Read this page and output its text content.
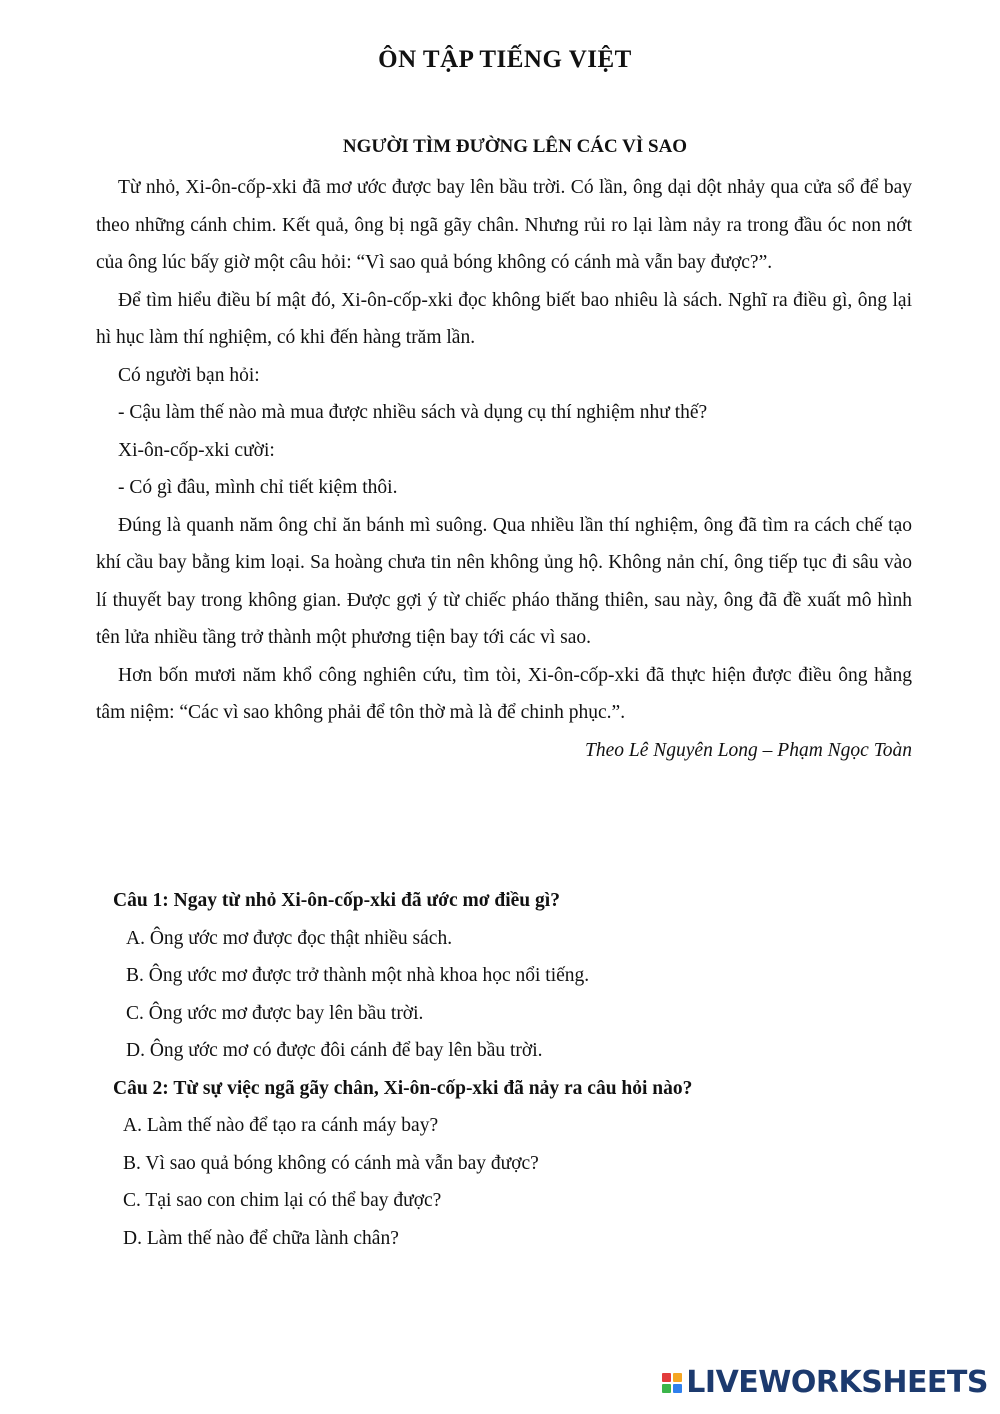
ÔN TẬP TIẾNG VIỆT
NGƯỜI TÌM ĐƯỜNG LÊN CÁC VÌ SAO

Từ nhỏ, Xi-ôn-cốp-xki đã mơ ước được bay lên bầu trời. Có lần, ông dại dột nhảy qua cửa sổ để bay theo những cánh chim. Kết quả, ông bị ngã gãy chân. Nhưng rủi ro lại làm nảy ra trong đầu óc non nớt của ông lúc bấy giờ một câu hỏi: “Vì sao quả bóng không có cánh mà vẫn bay được?”.

Để tìm hiểu điều bí mật đó, Xi-ôn-cốp-xki đọc không biết bao nhiêu là sách. Nghĩ ra điều gì, ông lại hì hục làm thí nghiệm, có khi đến hàng trăm lần.

Có người bạn hỏi:

- Cậu làm thế nào mà mua được nhiều sách và dụng cụ thí nghiệm như thế?

Xi-ôn-cốp-xki cười:

- Có gì đâu, mình chỉ tiết kiệm thôi.

Đúng là quanh năm ông chỉ ăn bánh mì suông. Qua nhiều lần thí nghiệm, ông đã tìm ra cách chế tạo khí cầu bay bằng kim loại. Sa hoàng chưa tin nên không ủng hộ. Không nản chí, ông tiếp tục đi sâu vào lí thuyết bay trong không gian. Được gợi ý từ chiếc pháo thăng thiên, sau này, ông đã đề xuất mô hình tên lửa nhiều tầng trở thành một phương tiện bay tới các vì sao.

Hơn bốn mươi năm khổ công nghiên cứu, tìm tòi, Xi-ôn-cốp-xki đã thực hiện được điều ông hằng tâm niệm: “Các vì sao không phải để tôn thờ mà là để chinh phục.”.

Theo Lê Nguyên Long – Phạm Ngọc Toàn

Câu 1: Ngay từ nhỏ Xi-ôn-cốp-xki đã ước mơ điều gì?
A. Ông ước mơ được đọc thật nhiều sách.
B. Ông ước mơ được trở thành một nhà khoa học nổi tiếng.
C. Ông ước mơ được bay lên bầu trời.
D. Ông ước mơ có được đôi cánh để bay lên bầu trời.
Câu 2: Từ sự việc ngã gãy chân, Xi-ôn-cốp-xki đã nảy ra câu hỏi nào?
A. Làm thế nào để tạo ra cánh máy bay?
B. Vì sao quả bóng không có cánh mà vẫn bay được?
C. Tại sao con chim lại có thể bay được?
D. Làm thế nào để chữa lành chân?
LIVEWORKSHEETS
